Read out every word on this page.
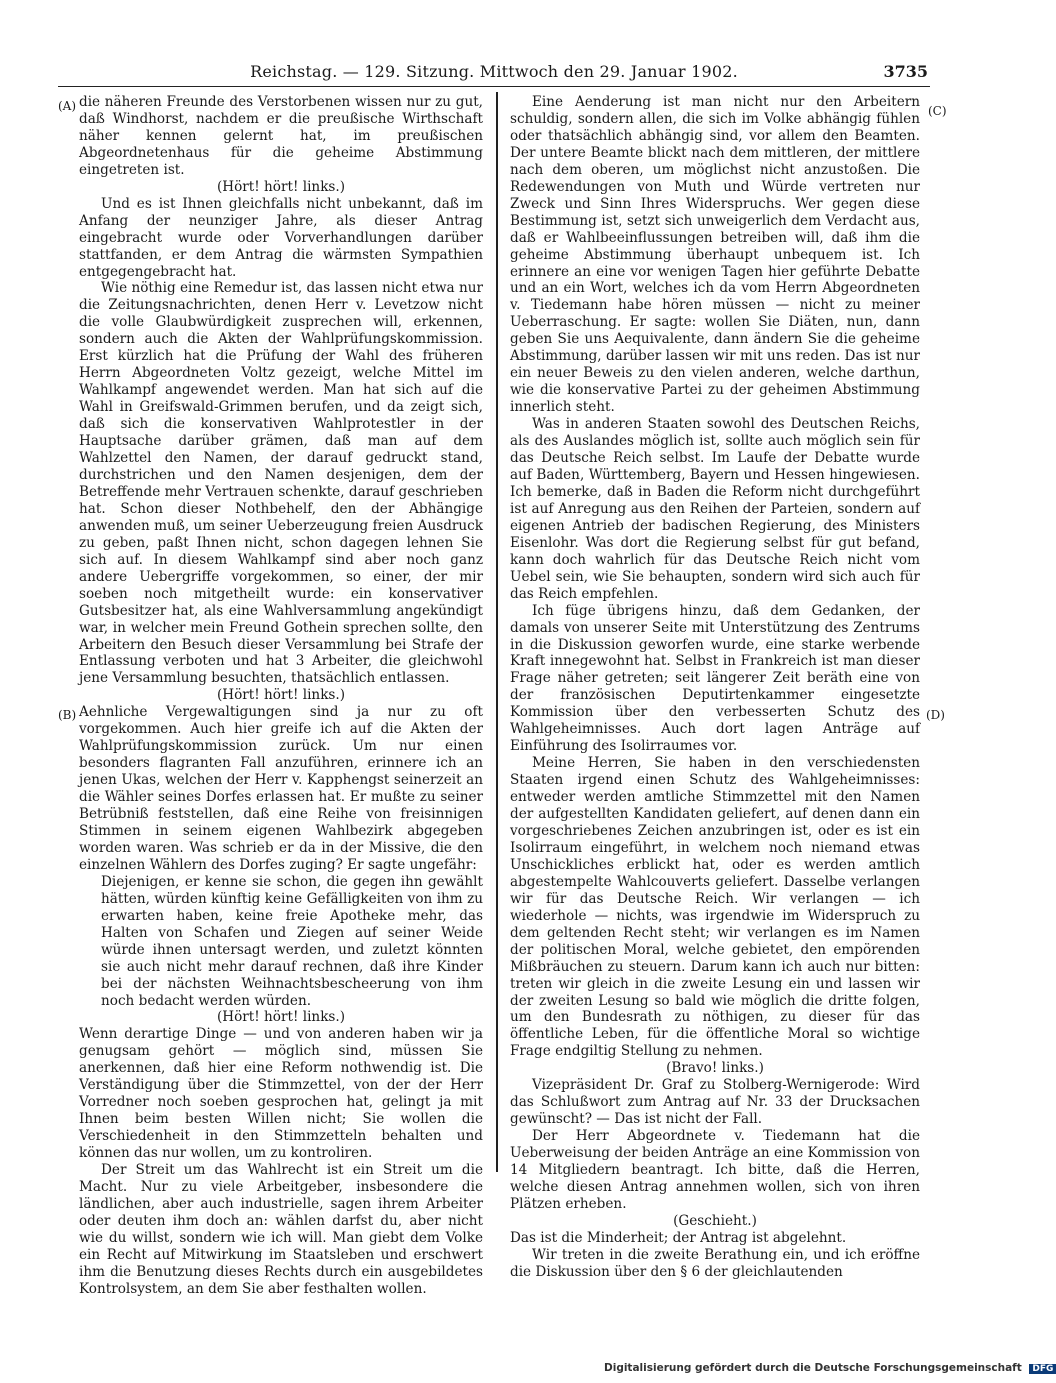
Reichstag. — 129. Sitzung. Mittwoch den 29. Januar 1902.	3735
(A)
(B)
(C)
(D)

die näheren Freunde des Verstorbenen wissen nur zu gut, daß Windhorst, nachdem er die preußische Wirthschaft näher kennen gelernt hat, im preußischen Abgeordnetenhaus für die geheime Abstimmung eingetreten ist.

(Hört! hört! links.)

Und es ist Ihnen gleichfalls nicht unbekannt, daß im Anfang der neunziger Jahre, als dieser Antrag eingebracht wurde oder Vorverhandlungen darüber stattfanden, er dem Antrag die wärmsten Sympathien entgegengebracht hat.

Wie nöthig eine Remedur ist, das lassen nicht etwa nur die Zeitungsnachrichten, denen Herr v. Levetzow nicht die volle Glaubwürdigkeit zusprechen will, erkennen, sondern auch die Akten der Wahlprüfungskommission. Erst kürzlich hat die Prüfung der Wahl des früheren Herrn Abgeordneten Voltz gezeigt, welche Mittel im Wahlkampf angewendet werden. Man hat sich auf die Wahl in Greifswald-Grimmen berufen, und da zeigt sich, daß sich die konservativen Wahlprotestler in der Hauptsache darüber grämen, daß man auf dem Wahlzettel den Namen, der darauf gedruckt stand, durchstrichen und den Namen desjenigen, dem der Betreffende mehr Vertrauen schenkte, darauf geschrieben hat. Schon dieser Nothbehelf, den der Abhängige anwenden muß, um seiner Ueberzeugung freien Ausdruck zu geben, paßt Ihnen nicht, schon dagegen lehnen Sie sich auf. In diesem Wahlkampf sind aber noch ganz andere Uebergriffe vorgekommen, so einer, der mir soeben noch mitgetheilt wurde: ein konservativer Gutsbesitzer hat, als eine Wahlversammlung angekündigt war, in welcher mein Freund Gothein sprechen sollte, den Arbeitern den Besuch dieser Versammlung bei Strafe der Entlassung verboten und hat 3 Arbeiter, die gleichwohl jene Versammlung besuchten, thatsächlich entlassen.

(Hört! hört! links.)

Aehnliche Vergewaltigungen sind ja nur zu oft vorgekommen. Auch hier greife ich auf die Akten der Wahlprüfungskommission zurück. Um nur einen besonders flagranten Fall anzuführen, erinnere ich an jenen Ukas, welchen der Herr v. Kapphengst seinerzeit an die Wähler seines Dorfes erlassen hat. Er mußte zu seiner Betrübniß feststellen, daß eine Reihe von freisinnigen Stimmen in seinem eigenen Wahlbezirk abgegeben worden waren. Was schrieb er da in der Missive, die den einzelnen Wählern des Dorfes zuging? Er sagte ungefähr:

Diejenigen, er kenne sie schon, die gegen ihn gewählt hätten, würden künftig keine Gefälligkeiten von ihm zu erwarten haben, keine freie Apotheke mehr, das Halten von Schafen und Ziegen auf seiner Weide würde ihnen untersagt werden, und zuletzt könnten sie auch nicht mehr darauf rechnen, daß ihre Kinder bei der nächsten Weihnachtsbescheerung von ihm noch bedacht werden würden.

(Hört! hört! links.)

Wenn derartige Dinge — und von anderen haben wir ja genugsam gehört — möglich sind, müssen Sie anerkennen, daß hier eine Reform nothwendig ist. Die Verständigung über die Stimmzettel, von der der Herr Vorredner noch soeben gesprochen hat, gelingt ja mit Ihnen beim besten Willen nicht; Sie wollen die Verschiedenheit in den Stimmzetteln behalten und können das nur wollen, um zu kontroliren.

Der Streit um das Wahlrecht ist ein Streit um die Macht. Nur zu viele Arbeitgeber, insbesondere die ländlichen, aber auch industrielle, sagen ihrem Arbeiter oder deuten ihm doch an: wählen darfst du, aber nicht wie du willst, sondern wie ich will. Man giebt dem Volke ein Recht auf Mitwirkung im Staatsleben und erschwert ihm die Benutzung dieses Rechts durch ein ausgebildetes Kontrolsystem, an dem Sie aber festhalten wollen.

Eine Aenderung ist man nicht nur den Arbeitern schuldig, sondern allen, die sich im Volke abhängig fühlen oder thatsächlich abhängig sind, vor allem den Beamten. Der untere Beamte blickt nach dem mittleren, der mittlere nach dem oberen, um möglichst nicht anzustoßen. Die Redewendungen von Muth und Würde vertreten nur Zweck und Sinn Ihres Widerspruchs. Wer gegen diese Bestimmung ist, setzt sich unweigerlich dem Verdacht aus, daß er Wahlbeeinflussungen betreiben will, daß ihm die geheime Abstimmung überhaupt unbequem ist. Ich erinnere an eine vor wenigen Tagen hier geführte Debatte und an ein Wort, welches ich da vom Herrn Abgeordneten v. Tiedemann habe hören müssen — nicht zu meiner Ueberraschung. Er sagte: wollen Sie Diäten, nun, dann geben Sie uns Aequivalente, dann ändern Sie die geheime Abstimmung, darüber lassen wir mit uns reden. Das ist nur ein neuer Beweis zu den vielen anderen, welche darthun, wie die konservative Partei zu der geheimen Abstimmung innerlich steht.

Was in anderen Staaten sowohl des Deutschen Reichs, als des Auslandes möglich ist, sollte auch möglich sein für das Deutsche Reich selbst. Im Laufe der Debatte wurde auf Baden, Württemberg, Bayern und Hessen hingewiesen. Ich bemerke, daß in Baden die Reform nicht durchgeführt ist auf Anregung aus den Reihen der Parteien, sondern auf eigenen Antrieb der badischen Regierung, des Ministers Eisenlohr. Was dort die Regierung selbst für gut befand, kann doch wahrlich für das Deutsche Reich nicht vom Uebel sein, wie Sie behaupten, sondern wird sich auch für das Reich empfehlen.

Ich füge übrigens hinzu, daß dem Gedanken, der damals von unserer Seite mit Unterstützung des Zentrums in die Diskussion geworfen wurde, eine starke werbende Kraft innegewohnt hat. Selbst in Frankreich ist man dieser Frage näher getreten; seit längerer Zeit beräth eine von der französischen Deputirtenkammer eingesetzte Kommission über den verbesserten Schutz des Wahlgeheimnisses. Auch dort lagen Anträge auf Einführung des Isolirraumes vor.

Meine Herren, Sie haben in den verschiedensten Staaten irgend einen Schutz des Wahlgeheimnisses: entweder werden amtliche Stimmzettel mit den Namen der aufgestellten Kandidaten geliefert, auf denen dann ein vorgeschriebenes Zeichen anzubringen ist, oder es ist ein Isolirraum eingeführt, in welchem noch niemand etwas Unschickliches erblickt hat, oder es werden amtlich abgestempelte Wahlcouverts geliefert. Dasselbe verlangen wir für das Deutsche Reich. Wir verlangen — ich wiederhole — nichts, was irgendwie im Widerspruch zu dem geltenden Recht steht; wir verlangen es im Namen der politischen Moral, welche gebietet, den empörenden Mißbräuchen zu steuern. Darum kann ich auch nur bitten: treten wir gleich in die zweite Lesung ein und lassen wir der zweiten Lesung so bald wie möglich die dritte folgen, um den Bundesrath zu nöthigen, zu dieser für das öffentliche Leben, für die öffentliche Moral so wichtige Frage endgiltig Stellung zu nehmen.

(Bravo! links.)

Vizepräsident Dr. Graf zu Stolberg-Wernigerode: Wird das Schlußwort zum Antrag auf Nr. 33 der Drucksachen gewünscht? — Das ist nicht der Fall.

Der Herr Abgeordnete v. Tiedemann hat die Ueberweisung der beiden Anträge an eine Kommission von 14 Mitgliedern beantragt. Ich bitte, daß die Herren, welche diesen Antrag annehmen wollen, sich von ihren Plätzen erheben.

(Geschieht.)

Das ist die Minderheit; der Antrag ist abgelehnt.

Wir treten in die zweite Berathung ein, und ich eröffne die Diskussion über den § 6 der gleichlautenden

Digitalisierung gefördert durch die Deutsche Forschungsgemeinschaft DFG
